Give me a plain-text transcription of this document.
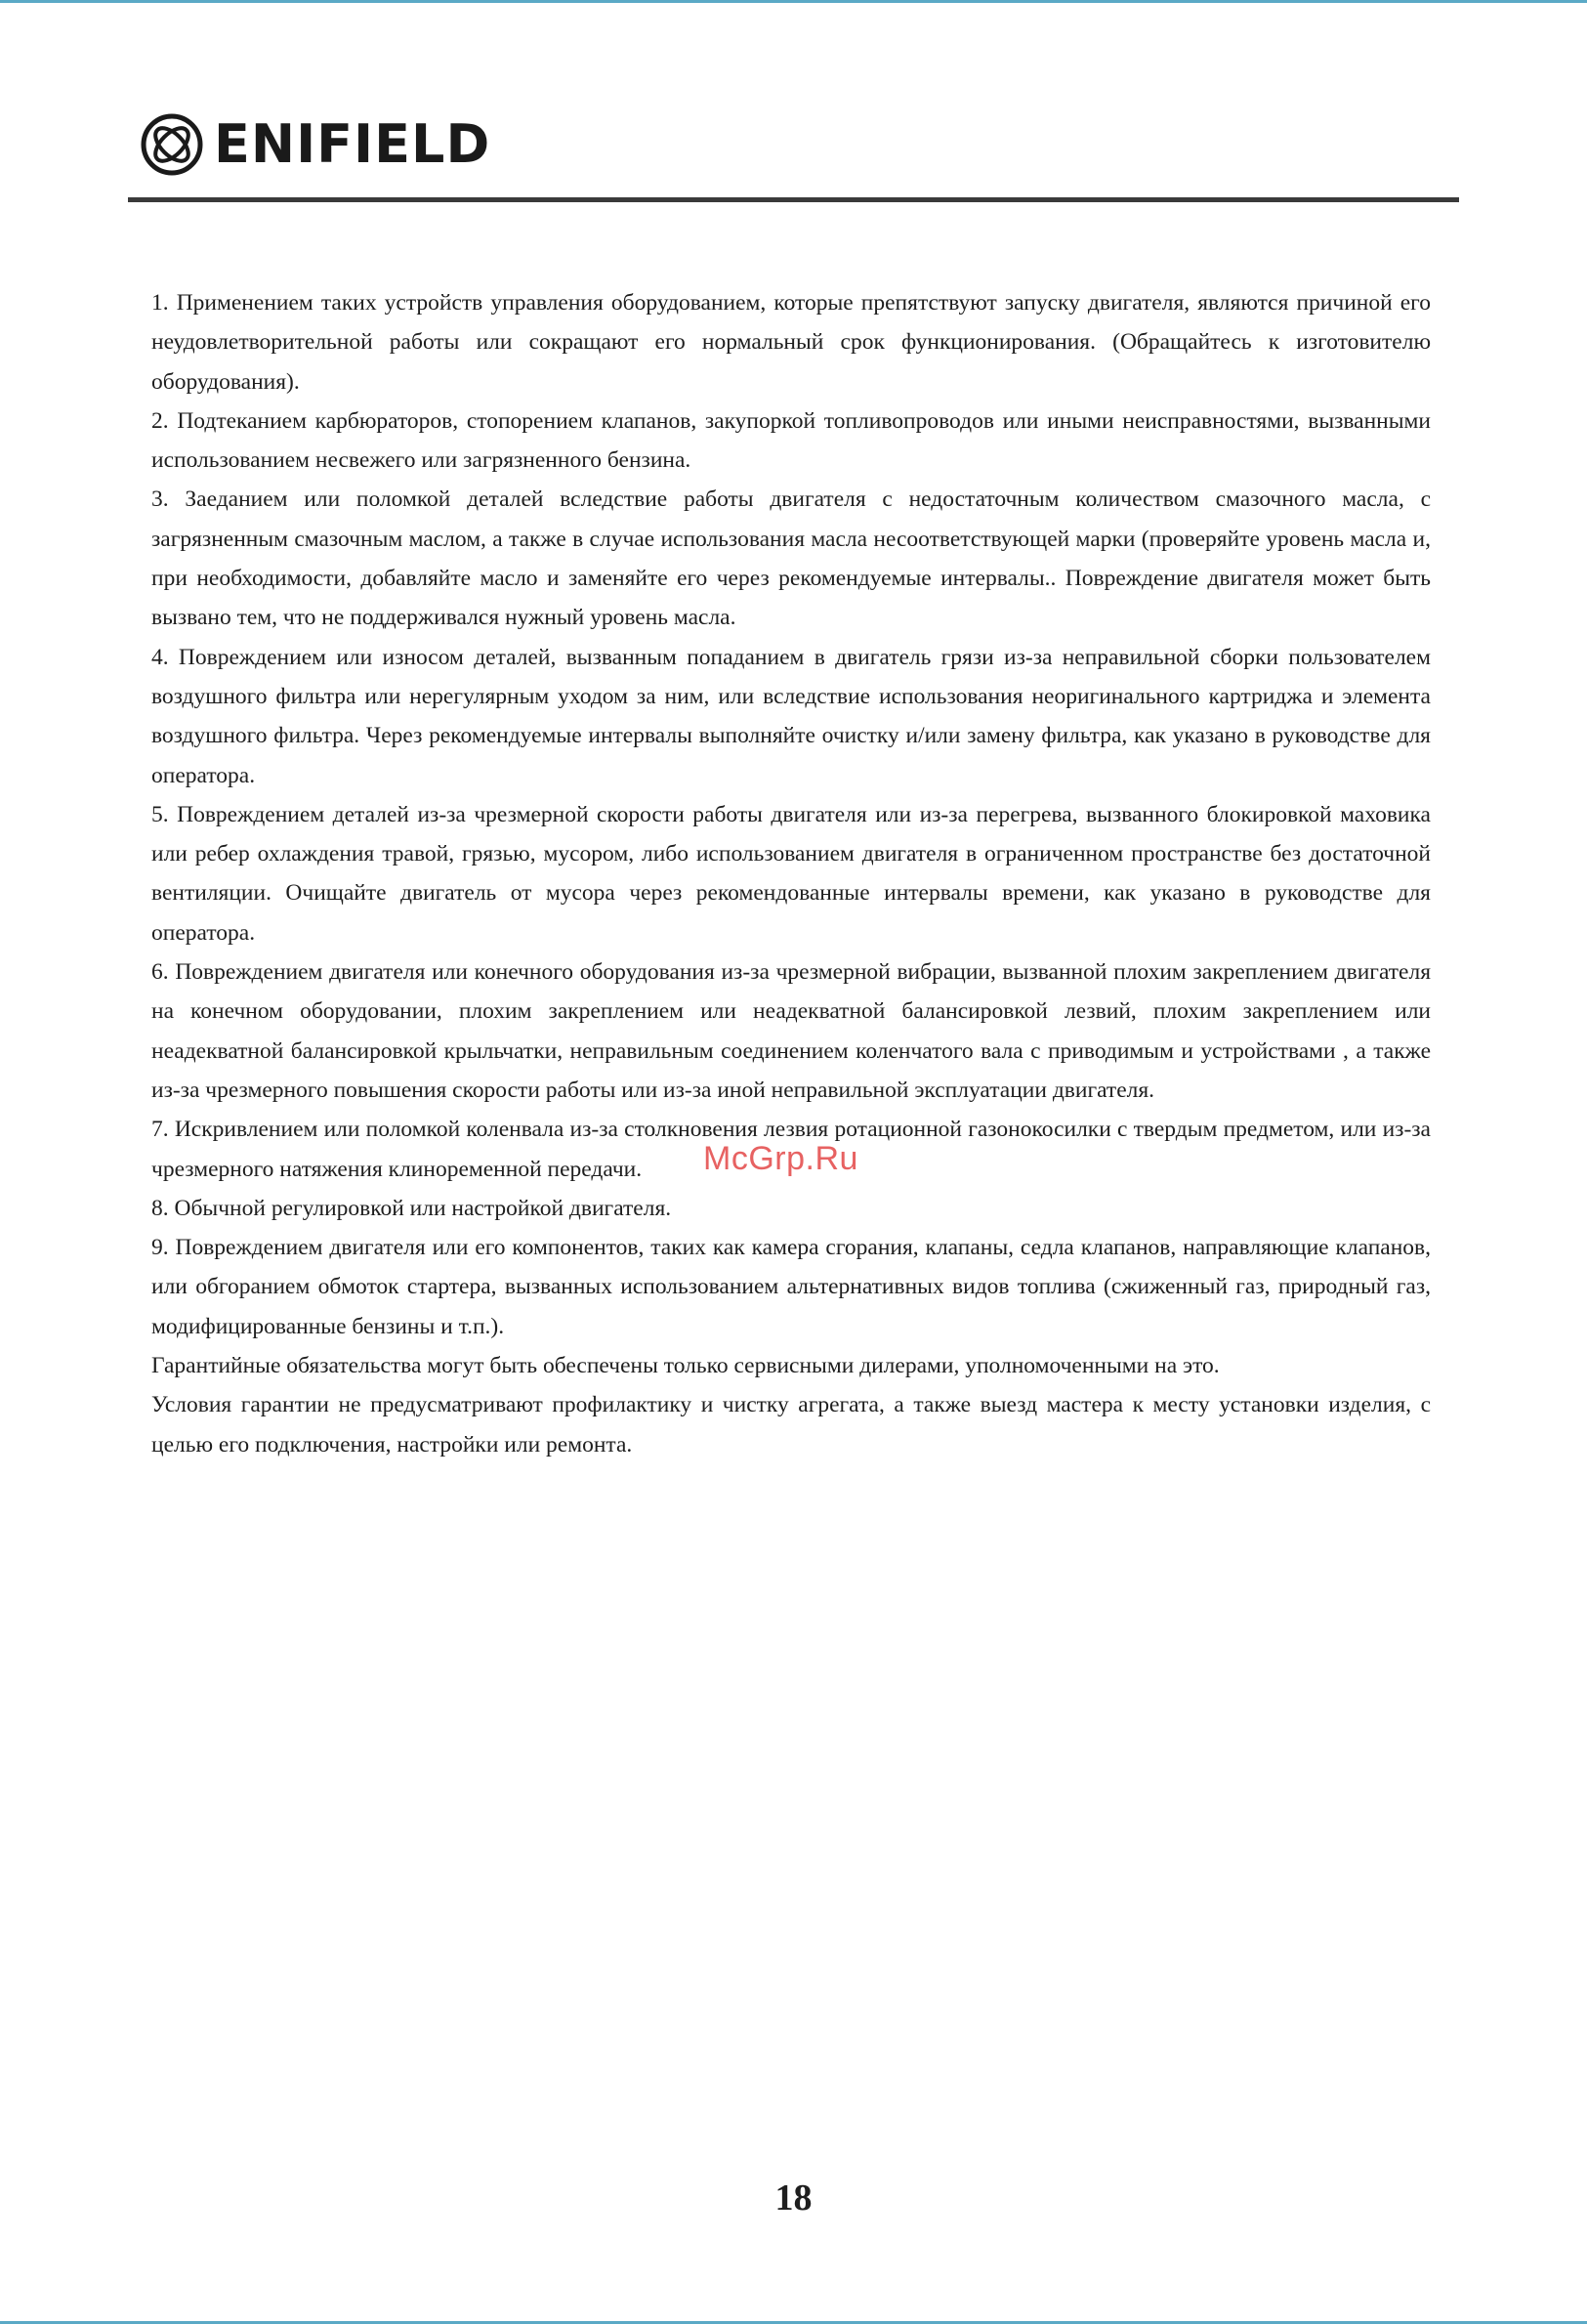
ENIFIELD

1. Применением таких устройств управления оборудованием, которые препятствуют запуску двигателя, являются причиной его неудовлетворительной работы или сокращают его нормальный срок функционирования. (Обращайтесь к изготовителю оборудования).

2. Подтеканием карбюраторов, стопорением клапанов, закупоркой топливопроводов или иными неисправностями, вызванными использованием несвежего или загрязненного бензина.

3. Заеданием или поломкой деталей вследствие работы двигателя с недостаточным количеством смазочного масла, с загрязненным смазочным маслом, а также в случае использования масла несоответствующей марки (проверяйте уровень масла и, при необходимости, добавляйте масло и заменяйте его через рекомендуемые интервалы.. Повреждение двигателя может быть вызвано тем, что не поддерживался нужный уровень масла.

4. Повреждением или износом деталей, вызванным попаданием в двигатель грязи из-за неправильной сборки пользователем воздушного фильтра или нерегулярным уходом за ним, или вследствие использования неоригинального картриджа и элемента воздушного фильтра. Через рекомендуемые интервалы выполняйте очистку и/или замену фильтра, как указано в руководстве для оператора.

5. Повреждением деталей из-за чрезмерной скорости работы двигателя или из-за перегрева, вызванного блокировкой маховика или ребер охлаждения травой, грязью, мусором, либо использованием двигателя в ограниченном пространстве без достаточной вентиляции. Очищайте двигатель от мусора через рекомендованные интервалы времени, как указано в руководстве для оператора.

6. Повреждением двигателя или конечного оборудования из-за чрезмерной вибрации, вызванной плохим закреплением двигателя на конечном оборудовании, плохим закреплением или неадекватной балансировкой лезвий, плохим закреплением или неадекватной балансировкой крыльчатки, неправильным соединением коленчатого вала с приводимым и устройствами , а также из-за чрезмерного повышения скорости работы или из-за иной неправильной эксплуатации двигателя.

7. Искривлением или поломкой коленвала из-за столкновения лезвия ротационной газонокосилки с твердым предметом, или из-за чрезмерного натяжения клиноременной передачи.

8. Обычной регулировкой или настройкой двигателя.

9. Повреждением двигателя или его компонентов, таких как камера сгорания, клапаны, седла клапанов, направляющие клапанов, или обгоранием обмоток стартера, вызванных использованием альтернативных видов топлива (сжиженный газ, природный газ, модифицированные бензины и т.п.).

Гарантийные обязательства могут быть обеспечены только сервисными дилерами, уполномоченными на это.

Условия гарантии не предусматривают профилактику и чистку агрегата, а также выезд мастера к месту установки изделия, с целью его подключения, настройки или ремонта.

McGrp.Ru
18
